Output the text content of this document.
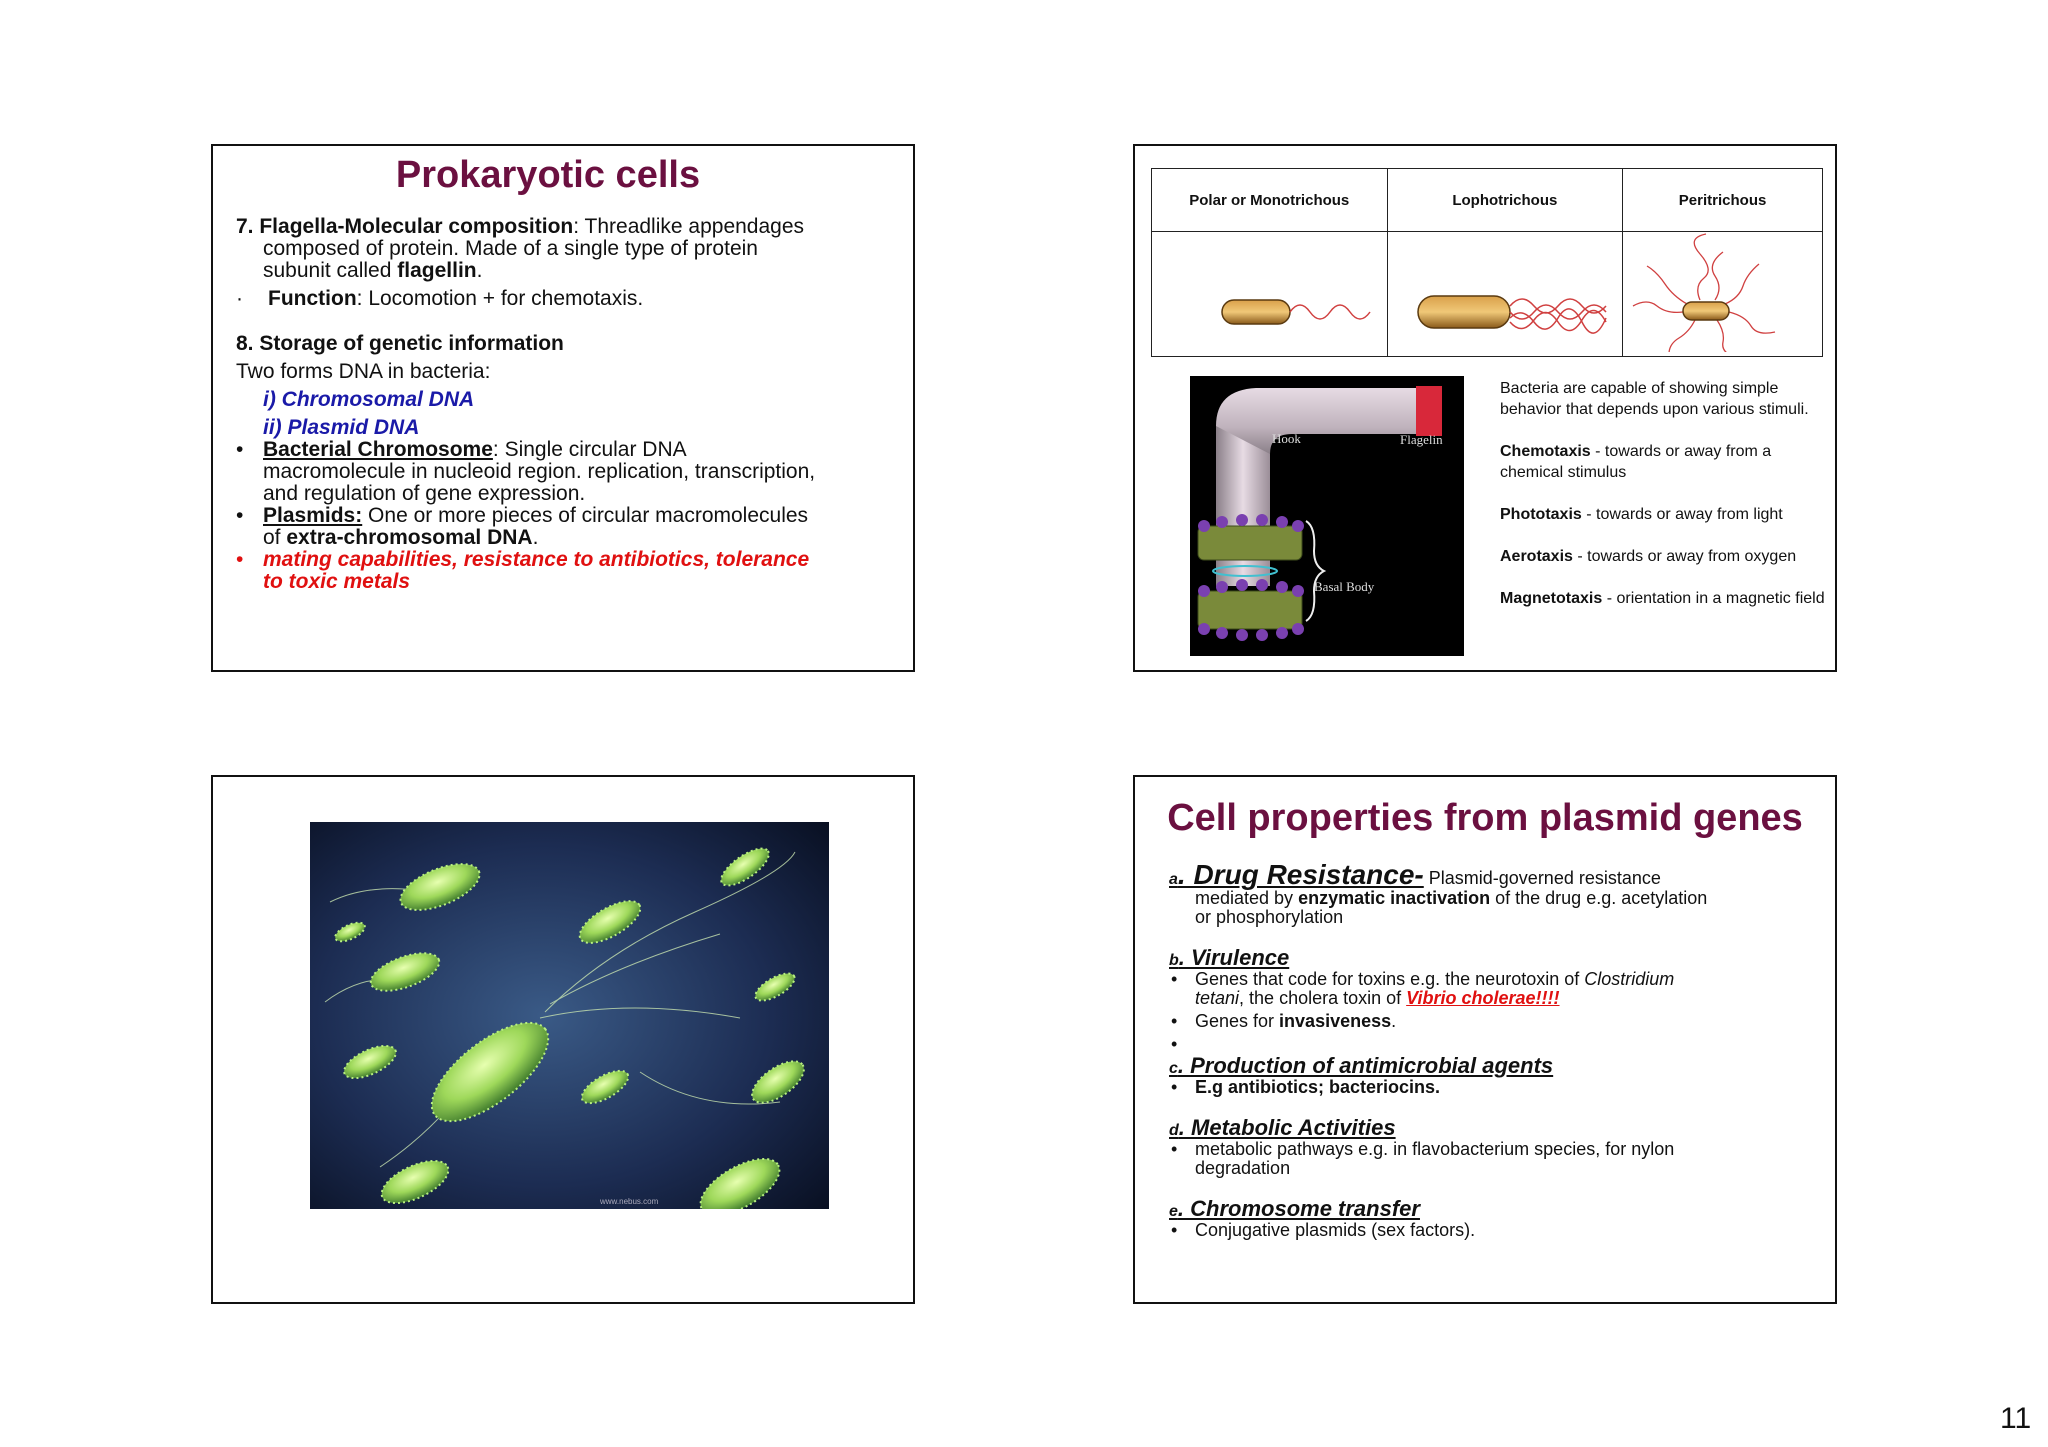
Prokaryotic cells
7. Flagella-Molecular composition: Threadlike appendages
composed of protein. Made of a single type of protein
subunit called flagellin.
· Function: Locomotion + for chemotaxis.
8. Storage of genetic information
Two forms DNA in bacteria:
i) Chromosomal DNA
ii) Plasmid DNA
• Bacterial Chromosome: Single circular DNA
macromolecule in nucleoid region. replication, transcription,
and regulation of gene expression.
• Plasmids: One or more pieces of circular macromolecules
of extra-chromosomal DNA.
• mating capabilities, resistance to antibiotics, tolerance
to toxic metals
Polar or Monotrichous	Lophotrichous	Peritrichous

Hook	Flagelin
Basal Body

Bacteria are capable of showing simple behavior that depends upon various stimuli.

Chemotaxis - towards or away from a chemical stimulus

Phototaxis - towards or away from light

Aerotaxis - towards or away from oxygen

Magnetotaxis - orientation in a magnetic field

www.nebus.com
Cell properties from plasmid genes
a. Drug Resistance- Plasmid-governed resistance
mediated by enzymatic inactivation of the drug e.g. acetylation
or phosphorylation
b. Virulence
• Genes that code for toxins e.g. the neurotoxin of Clostridium
tetani, the cholera toxin of Vibrio cholerae!!!!
• Genes for invasiveness.
•
c. Production of antimicrobial agents
• E.g antibiotics; bacteriocins.
d. Metabolic Activities
• metabolic pathways e.g. in flavobacterium species, for nylon
degradation
e. Chromosome transfer
• Conjugative plasmids (sex factors).
11
